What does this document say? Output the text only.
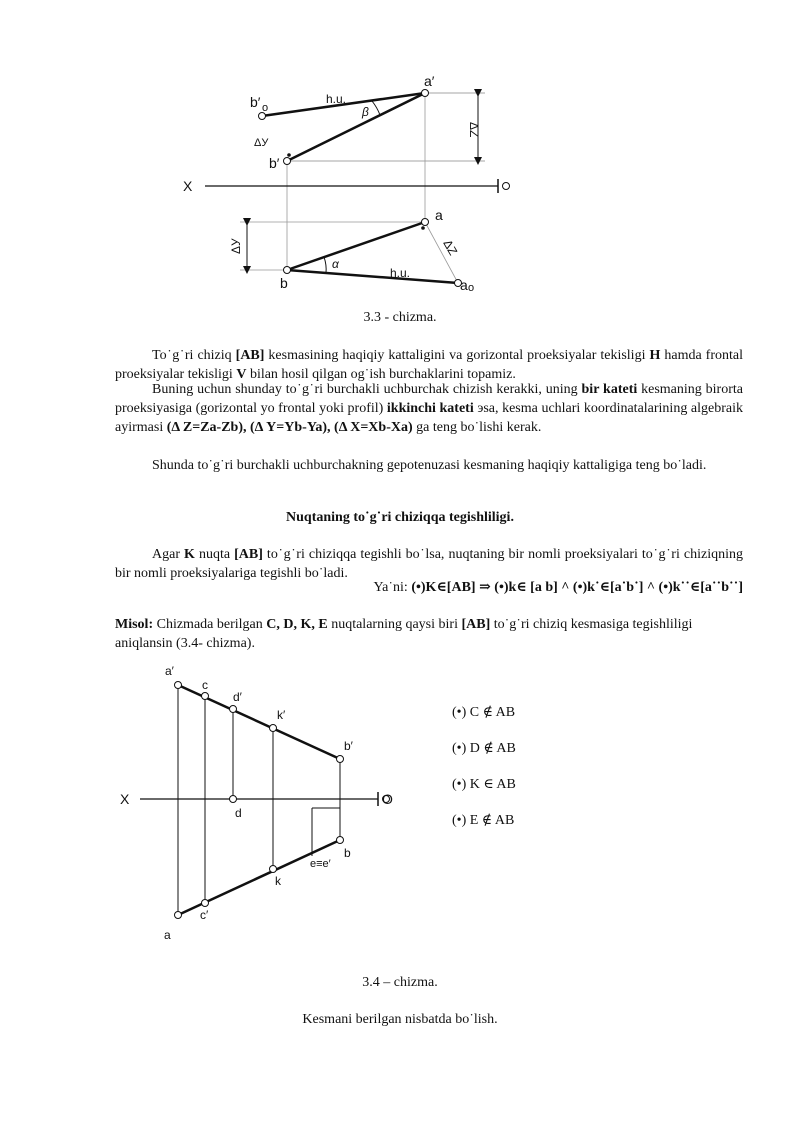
b′ o
a′
h.u.
β
ΔУ
b′
ΔZ
X
a
ΔУ	ΔZ
α
h.u.
b	a o
3.3 - chizma.
To˙g˙ri chiziq [AB] kesmasining haqiqiy kattaligini va gorizontal proeksiyalar tekisligi H hamda frontal proeksiyalar tekisligi V bilan hosil qilgan og˙ish burchaklarini topamiz.
Buning uchun shunday to˙g˙ri burchakli uchburchak chizish kerakki, uning bir kateti kesmaning birorta proeksiyasiga (gorizontal yo frontal yoki profil) ikkinchi kateti эsa, kesma uchlari koordinatalarining algebraik ayirmasi (Δ Z=Za-Zb), (Δ Y=Yb-Ya), (Δ X=Xb-Xa) ga teng bo˙lishi kerak.
Shunda to˙g˙ri burchakli uchburchakning gepotenuzasi kesmaning haqiqiy kattaligiga teng bo˙ladi.
Nuqtaning to˙g˙ri chiziqqa tegishliligi.
Agar K nuqta [AB] to˙g˙ri chiziqqa tegishli bo˙lsa, nuqtaning bir nomli proeksiyalari to˙g˙ri chiziqning bir nomli proeksiyalariga tegishli bo˙ladi.
Ya˙ni: (•)K∈[AB] ⇒ (•)k∈ [a b] ^ (•)k˙∈[a˙b˙] ^ (•)k˙˙∈[a˙˙b˙˙]
Misol: Chizmada berilgan C, D, K, E nuqtalarning qaysi biri [AB] to˙g˙ri chiziq kesmasiga tegishliligi aniqlansin (3.4- chizma).
a′
c
d′
k′
b′
X	O
d
b
e≡e′
k
c′
a
(•) C ∉ AB
(•) D ∉ AB
(•) K ∈ AB
(•) E ∉ AB
3.4 – chizma.
Kesmani berilgan nisbatda bo˙lish.
